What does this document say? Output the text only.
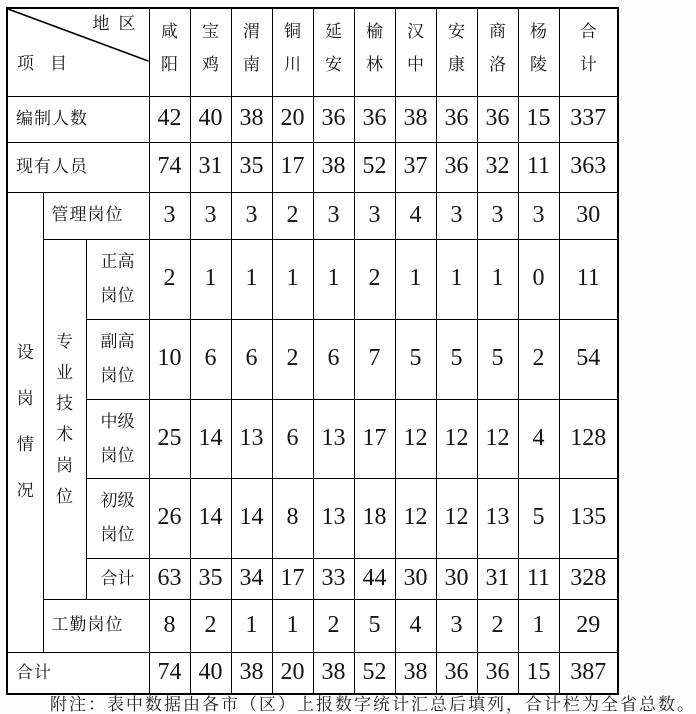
地区
项目			咸阳	宝鸡	渭南	铜川	延安	榆林	汉中	安康	商洛	杨陵	合计
编制人数			42	40	38	20	36	36	38	36	36	15	337
现有人员			74	31	35	17	38	52	37	36	32	11	363
设岗情况	管理岗位		3	3	3	2	3	3	4	3	3	3	30
	专业技术岗位	正高岗位	2	1	1	1	1	2	1	1	1	0	11
		副高岗位	10	6	6	2	6	7	5	5	5	2	54
		中级岗位	25	14	13	6	13	17	12	12	12	4	128
		初级岗位	26	14	14	8	13	18	12	12	13	5	135
		合计	63	35	34	17	33	44	30	30	31	11	328
	工勤岗位		8	2	1	1	2	5	4	3	2	1	29
合计			74	40	38	20	38	52	38	36	36	15	387
附注：表中数据由各市（区）上报数字统计汇总后填列，合计栏为全省总数。
